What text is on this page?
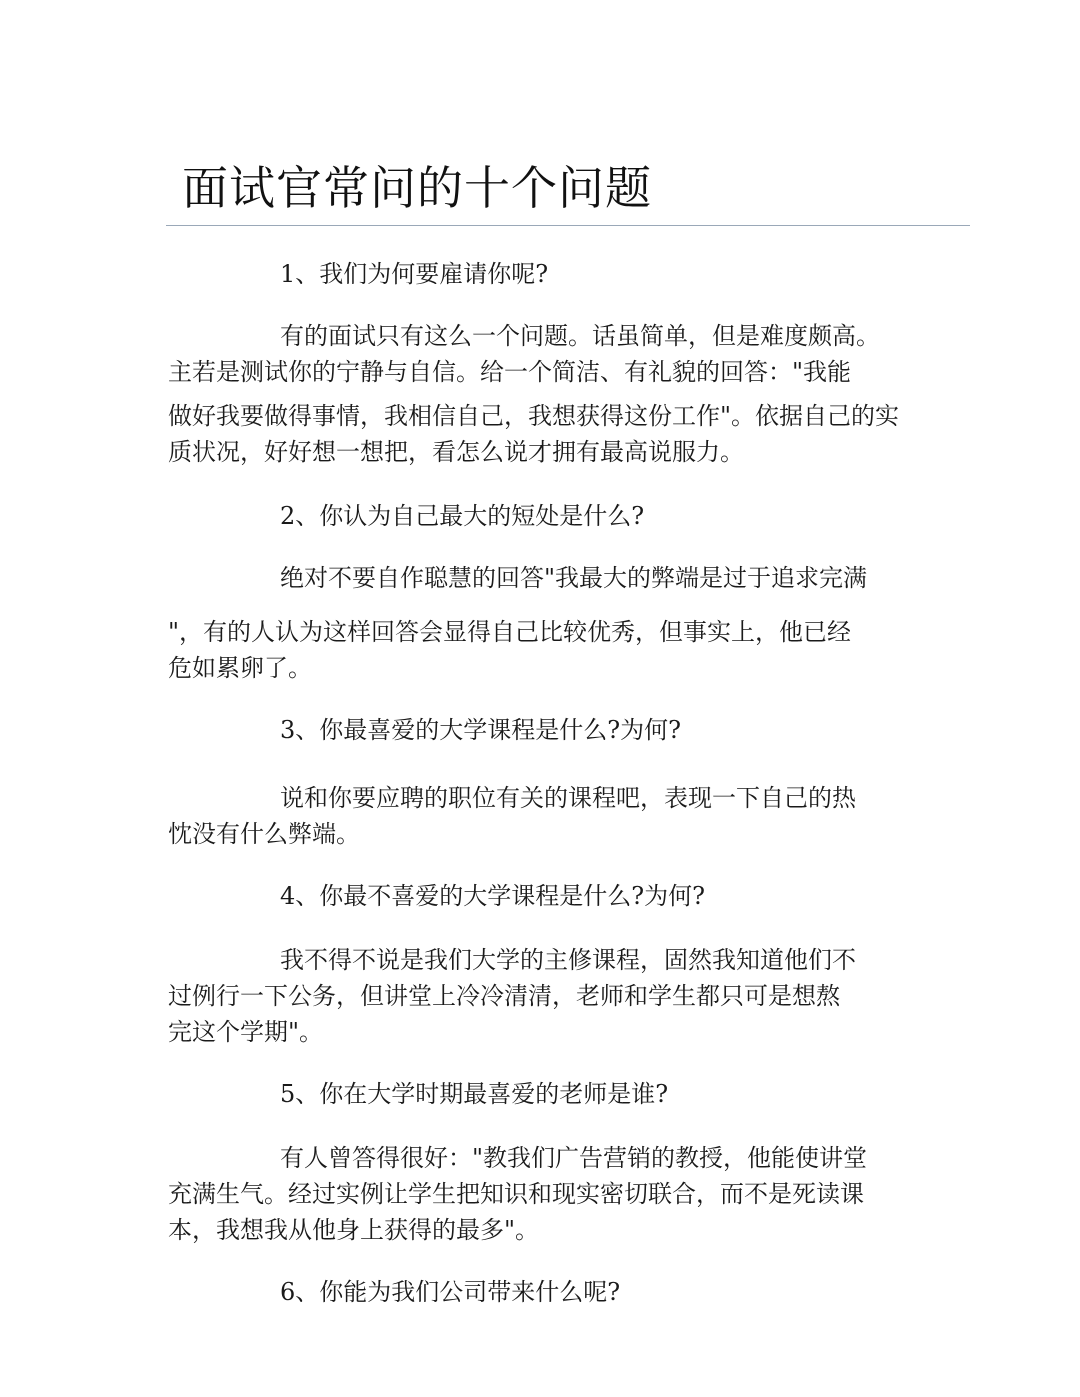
面试官常问的十个问题

1、我们为何要雇请你呢?

有的面试只有这么一个问题。话虽简单，但是难度颇高。
主若是测试你的宁静与自信。给一个简洁、有礼貌的回答："我能
做好我要做得事情，我相信自己，我想获得这份工作"。依据自己的实
质状况，好好想一想把，看怎么说才拥有最高说服力。

2、你认为自己最大的短处是什么?

绝对不要自作聪慧的回答"我最大的弊端是过于追求完满
"，有的人认为这样回答会显得自己比较优秀，但事实上，他已经
危如累卵了。

3、你最喜爱的大学课程是什么?为何?

说和你要应聘的职位有关的课程吧，表现一下自己的热
忱没有什么弊端。

4、你最不喜爱的大学课程是什么?为何?

我不得不说是我们大学的主修课程，固然我知道他们不
过例行一下公务，但讲堂上冷冷清清，老师和学生都只可是想熬
完这个学期"。

5、你在大学时期最喜爱的老师是谁?

有人曾答得很好："教我们广告营销的教授，他能使讲堂
充满生气。经过实例让学生把知识和现实密切联合，而不是死读课
本，我想我从他身上获得的最多"。

6、你能为我们公司带来什么呢?
